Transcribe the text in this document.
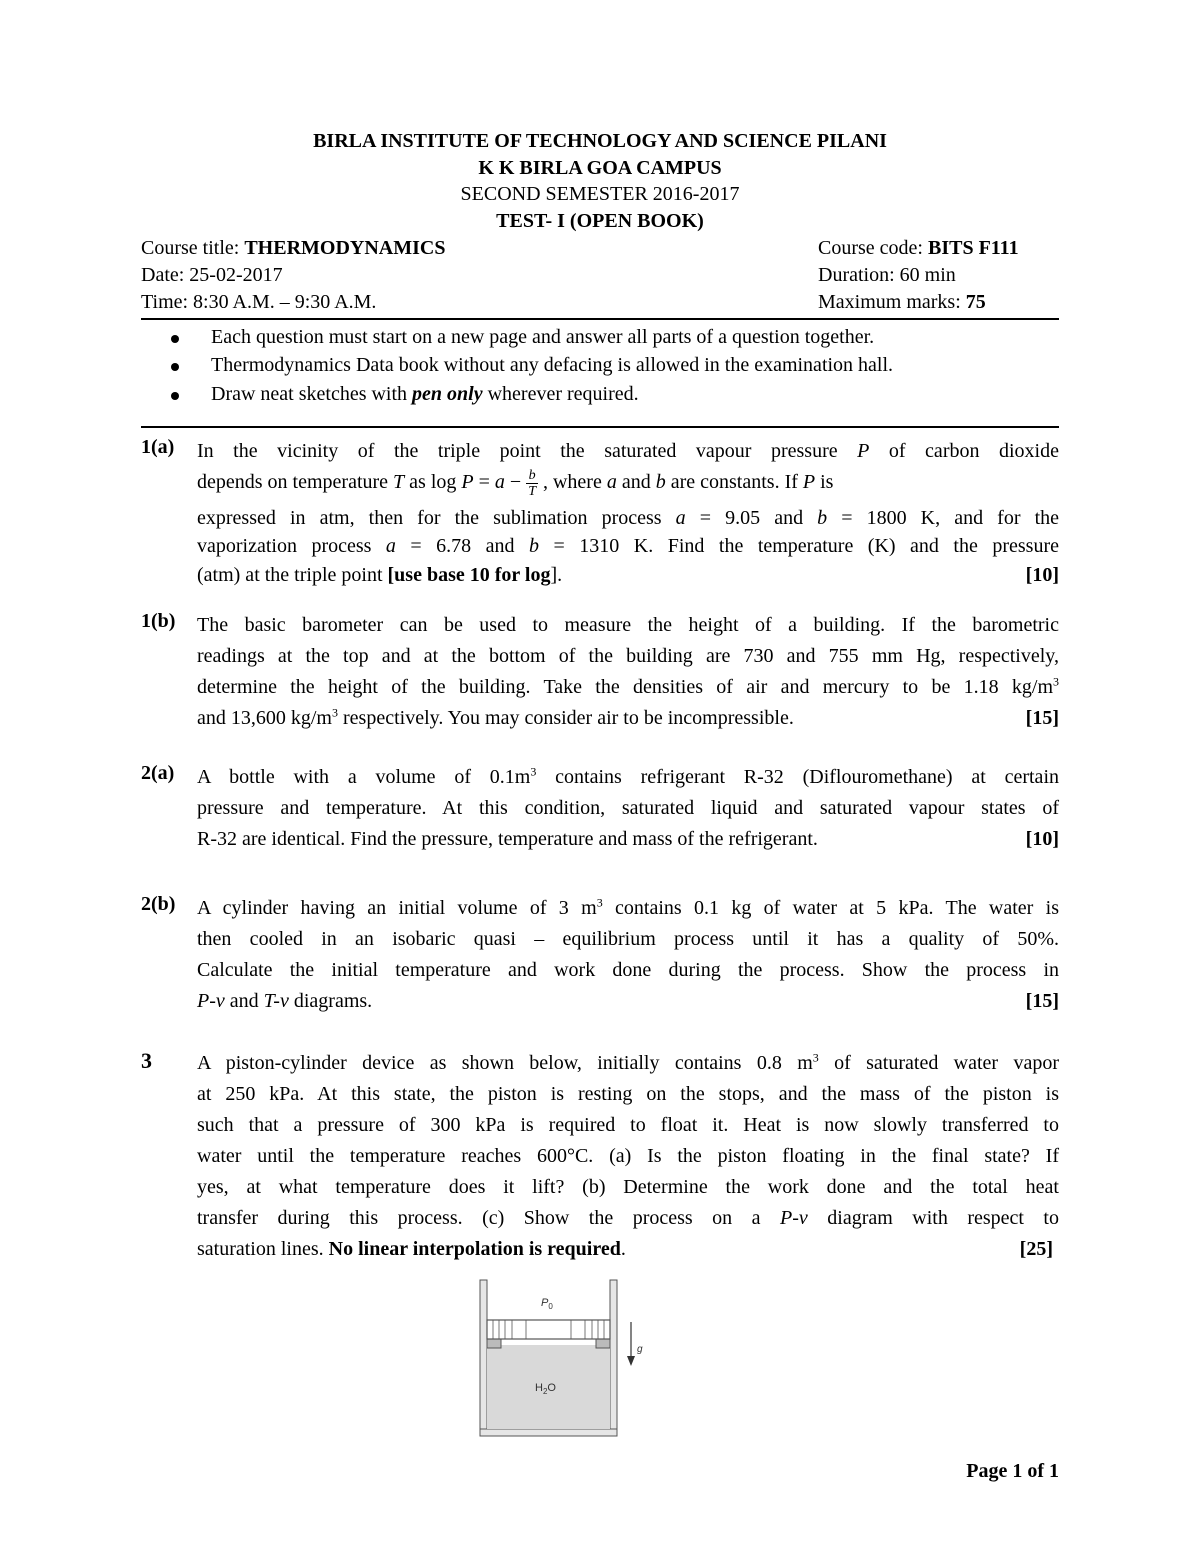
BIRLA INSTITUTE OF TECHNOLOGY AND SCIENCE PILANI
K K BIRLA GOA CAMPUS
SECOND SEMESTER 2016-2017
TEST- I (OPEN BOOK)
Course title: THERMODYNAMICS	Course code: BITS F111
Date: 25-02-2017	Duration: 60 min
Time: 8:30 A.M. – 9:30 A.M.	Maximum marks: 75
Each question must start on a new page and answer all parts of a question together.
Thermodynamics Data book without any defacing is allowed in the examination hall.
Draw neat sketches with pen only wherever required.
1(a) In the vicinity of the triple point the saturated vapour pressure P of carbon dioxide
depends on temperature T as $\log P = a - \frac{b}{T}$ , where a and b are constants. If P is
expressed in atm, then for the sublimation process a = 9.05 and b = 1800 K, and for the
vaporization process a = 6.78 and b = 1310 K. Find the temperature (K) and the pressure
(atm) at the triple point [use base 10 for log].	[10]
1(b) The basic barometer can be used to measure the height of a building. If the barometric
readings at the top and at the bottom of the building are 730 and 755 mm Hg, respectively,
determine the height of the building. Take the densities of air and mercury to be 1.18 $kg/m^3$
and 13,600 $kg/m^3$ respectively. You may consider air to be incompressible.	[15]
2(a) A bottle with a volume of $0.1m^3$ contains refrigerant R-32 (Diflouromethane) at certain
pressure and temperature. At this condition, saturated liquid and saturated vapour states of
R-32 are identical. Find the pressure, temperature and mass of the refrigerant.	[10]
2(b) A cylinder having an initial volume of 3 $m^3$ contains 0.1 kg of water at 5 kPa. The water is
then cooled in an isobaric quasi – equilibrium process until it has a quality of 50%.
Calculate the initial temperature and work done during the process. Show the process in
P-v and T-v diagrams.	[15]
3 A piston-cylinder device as shown below, initially contains 0.8 $m^3$ of saturated water vapor
at 250 kPa. At this state, the piston is resting on the stops, and the mass of the piston is
such that a pressure of 300 kPa is required to float it. Heat is now slowly transferred to
water until the temperature reaches 600°C. (a) Is the piston floating in the final state? If
yes, at what temperature does it lift? (b) Determine the work done and the total heat
transfer during this process. (c) Show the process on a P-v diagram with respect to
saturation lines. No linear interpolation is required.	[25]
$P_0$
g
$H_2O$
Page 1 of 1
